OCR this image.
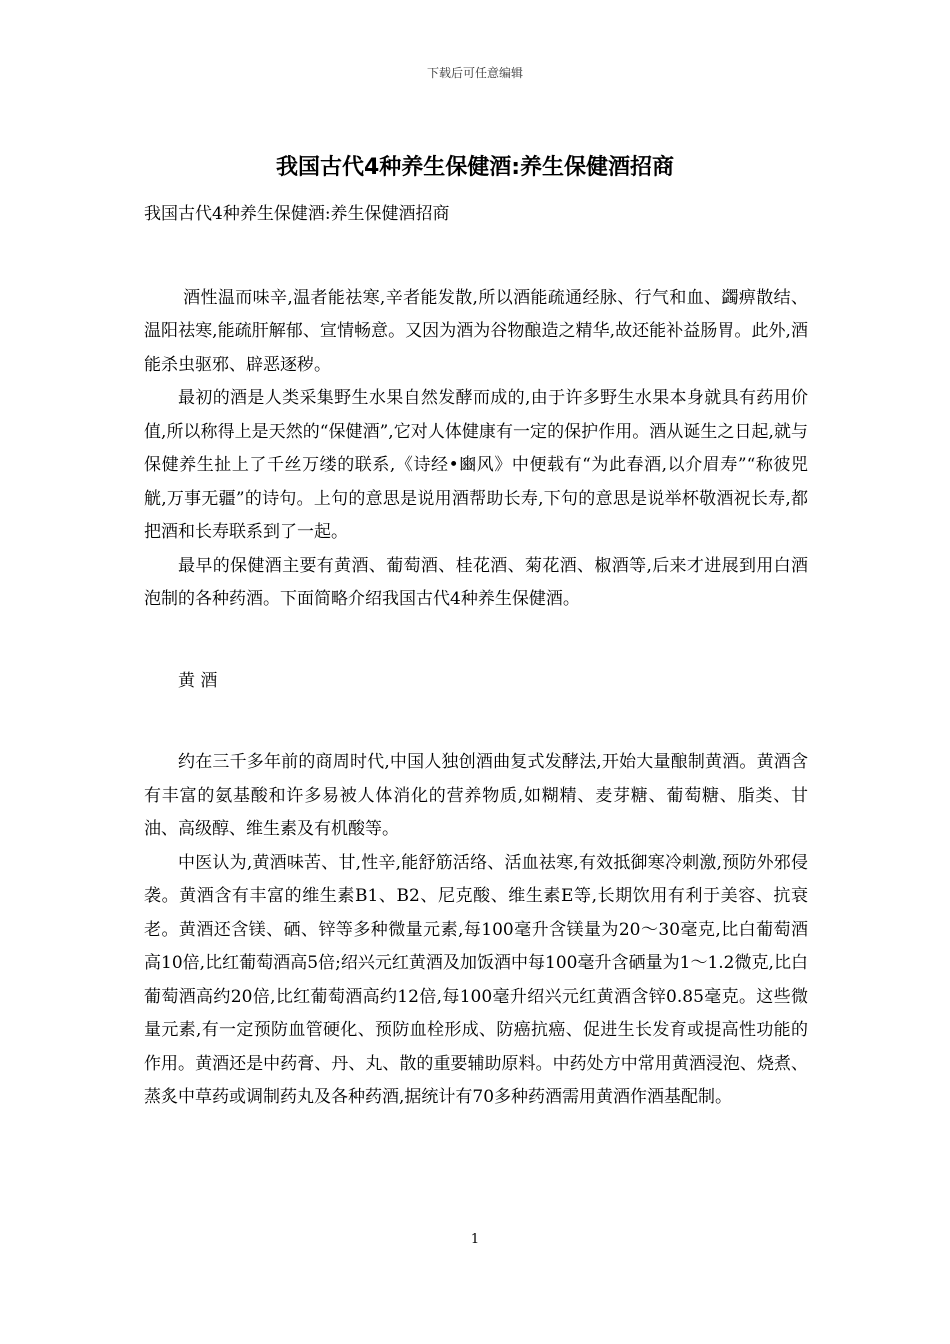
下载后可任意编辑
我国古代4种养生保健酒:养生保健酒招商

我国古代4种养生保健酒:养生保健酒招商

酒性温而味辛,温者能祛寒,辛者能发散,所以酒能疏通经脉、行气和血、蠲痹散结、温阳祛寒,能疏肝解郁、宣情畅意。又因为酒为谷物酿造之精华,故还能补益肠胃。此外,酒能杀虫驱邪、辟恶逐秽。

最初的酒是人类采集野生水果自然发酵而成的,由于许多野生水果本身就具有药用价值,所以称得上是天然的“保健酒”,它对人体健康有一定的保护作用。酒从诞生之日起,就与保健养生扯上了千丝万缕的联系,《诗经•豳风》中便载有“为此春酒,以介眉寿”“称彼兕觥,万事无疆”的诗句。上句的意思是说用酒帮助长寿,下句的意思是说举杯敬酒祝长寿,都把酒和长寿联系到了一起。

最早的保健酒主要有黄酒、葡萄酒、桂花酒、菊花酒、椒酒等,后来才进展到用白酒泡制的各种药酒。下面简略介绍我国古代4种养生保健酒。

黄 酒

约在三千多年前的商周时代,中国人独创酒曲复式发酵法,开始大量酿制黄酒。黄酒含有丰富的氨基酸和许多易被人体消化的营养物质,如糊精、麦芽糖、葡萄糖、脂类、甘油、高级醇、维生素及有机酸等。

中医认为,黄酒味苦、甘,性辛,能舒筋活络、活血祛寒,有效抵御寒冷刺激,预防外邪侵袭。黄酒含有丰富的维生素B1、B2、尼克酸、维生素E等,长期饮用有利于美容、抗衰老。黄酒还含镁、硒、锌等多种微量元素,每100毫升含镁量为20～30毫克,比白葡萄酒高10倍,比红葡萄酒高5倍;绍兴元红黄酒及加饭酒中每100毫升含硒量为1～1.2微克,比白葡萄酒高约20倍,比红葡萄酒高约12倍,每100毫升绍兴元红黄酒含锌0.85毫克。这些微量元素,有一定预防血管硬化、预防血栓形成、防癌抗癌、促进生长发育或提高性功能的作用。黄酒还是中药膏、丹、丸、散的重要辅助原料。中药处方中常用黄酒浸泡、烧煮、蒸炙中草药或调制药丸及各种药酒,据统计有70多种药酒需用黄酒作酒基配制。

1
